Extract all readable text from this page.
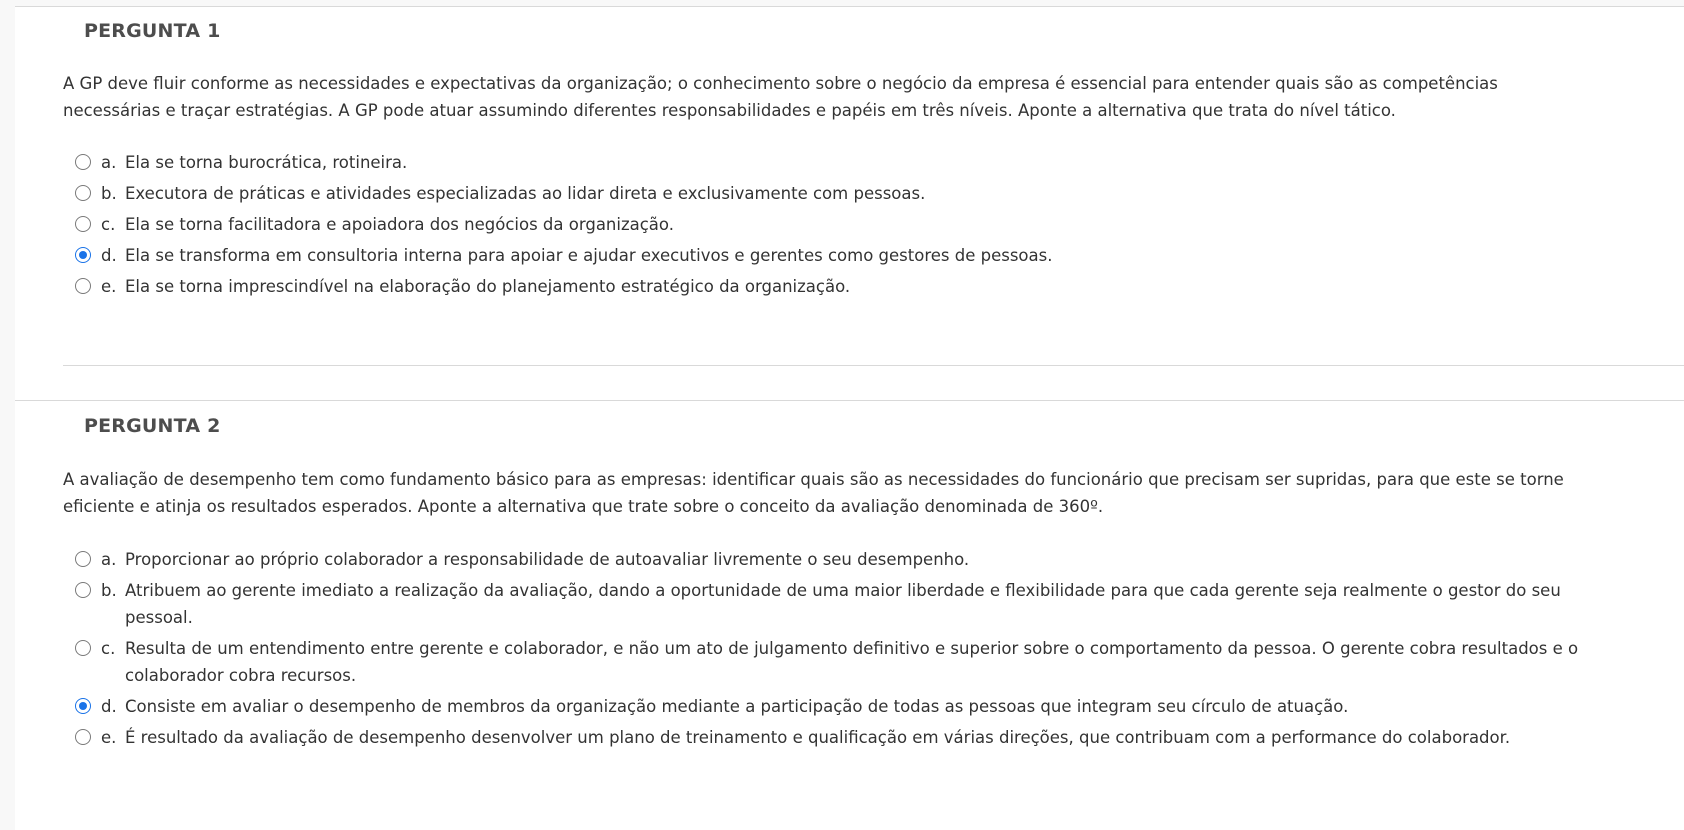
PERGUNTA 1
A GP deve fluir conforme as necessidades e expectativas da organização; o conhecimento sobre o negócio da empresa é essencial para entender quais são as competências necessárias e traçar estratégias. A GP pode atuar assumindo diferentes responsabilidades e papéis em três níveis. Aponte a alternativa que trata do nível tático.
a. Ela se torna burocrática, rotineira.
b. Executora de práticas e atividades especializadas ao lidar direta e exclusivamente com pessoas.
c. Ela se torna facilitadora e apoiadora dos negócios da organização.
d. Ela se transforma em consultoria interna para apoiar e ajudar executivos e gerentes como gestores de pessoas.
e. Ela se torna imprescindível na elaboração do planejamento estratégico da organização.
PERGUNTA 2
A avaliação de desempenho tem como fundamento básico para as empresas: identificar quais são as necessidades do funcionário que precisam ser supridas, para que este se torne eficiente e atinja os resultados esperados. Aponte a alternativa que trate sobre o conceito da avaliação denominada de 360º.
a. Proporcionar ao próprio colaborador a responsabilidade de autoavaliar livremente o seu desempenho.
b. Atribuem ao gerente imediato a realização da avaliação, dando a oportunidade de uma maior liberdade e flexibilidade para que cada gerente seja realmente o gestor do seu pessoal.
c. Resulta de um entendimento entre gerente e colaborador, e não um ato de julgamento definitivo e superior sobre o comportamento da pessoa. O gerente cobra resultados e o colaborador cobra recursos.
d. Consiste em avaliar o desempenho de membros da organização mediante a participação de todas as pessoas que integram seu círculo de atuação.
e. É resultado da avaliação de desempenho desenvolver um plano de treinamento e qualificação em várias direções, que contribuam com a performance do colaborador.
